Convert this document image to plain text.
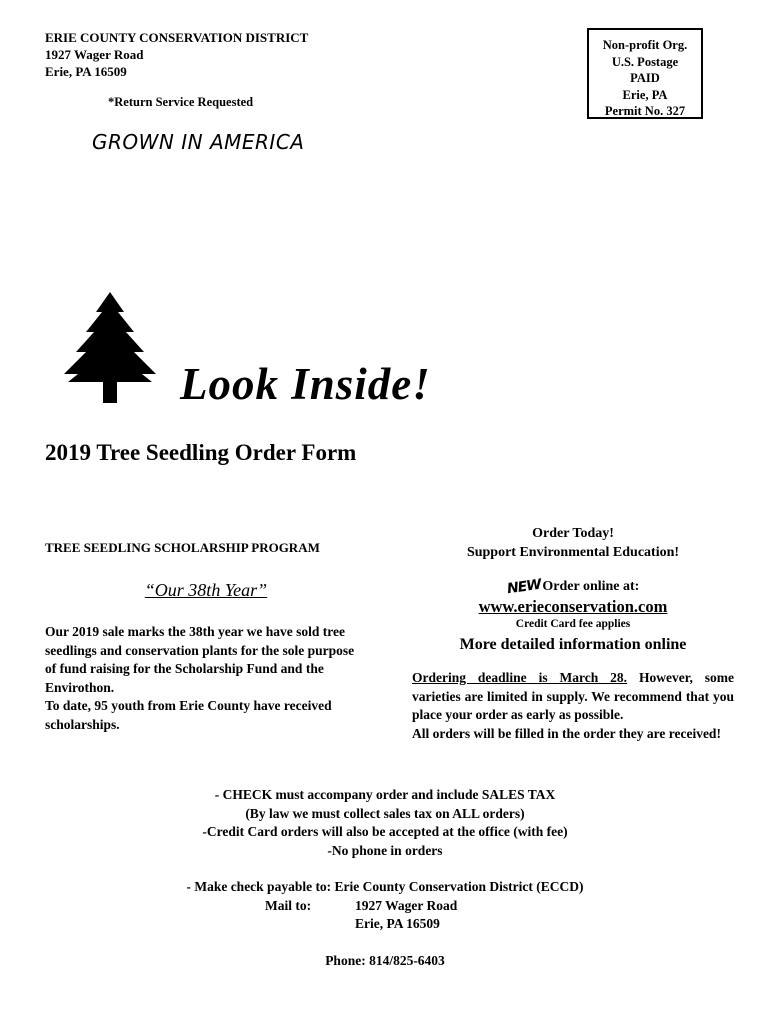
ERIE COUNTY CONSERVATION DISTRICT
1927 Wager Road
Erie, PA 16509
*Return Service Requested
Non-profit Org.
U.S. Postage
PAID
Erie, PA
Permit No. 327
GROWN IN AMERICA
Look Inside!
2019 Tree Seedling Order Form
TREE SEEDLING SCHOLARSHIP PROGRAM
“Our 38th Year”
Our 2019 sale marks the 38th year we have sold tree seedlings and conservation plants for the sole purpose of fund raising for the Scholarship Fund and the Envirothon.
To date, 95 youth from Erie County have received scholarships.
Order Today!
Support Environmental Education!
NEW Order online at:
www.erieconservation.com
Credit Card fee applies
More detailed information online
Ordering deadline is March 28. However, some varieties are limited in supply. We recommend that you place your order as early as possible.
All orders will be filled in the order they are received!
- CHECK must accompany order and include SALES TAX
(By law we must collect sales tax on ALL orders)
-Credit Card orders will also be accepted at the office (with fee)
-No phone in orders
- Make check payable to: Erie County Conservation District (ECCD)
Mail to:	1927 Wager Road
Erie, PA 16509
Phone: 814/825-6403
